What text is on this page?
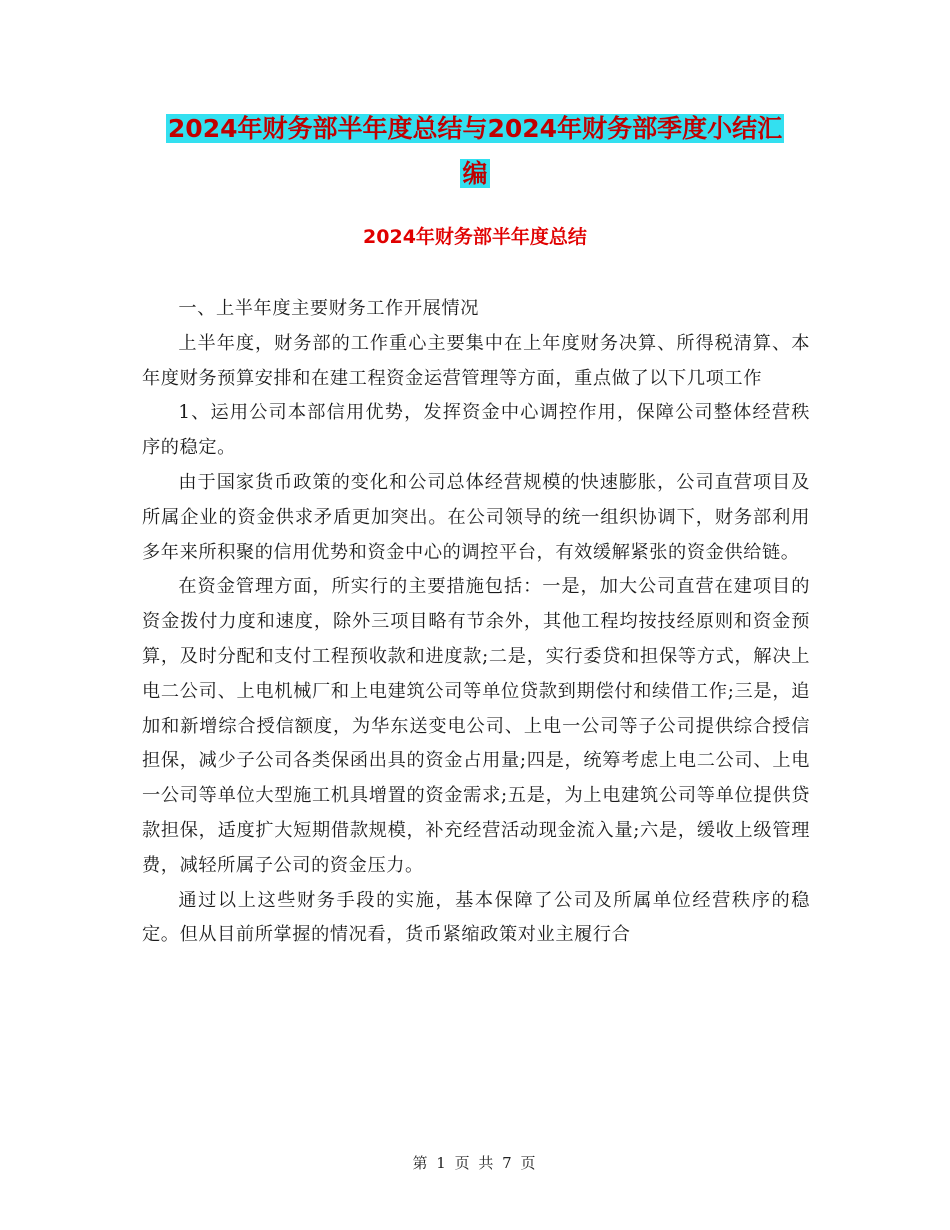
2024年财务部半年度总结与2024年财务部季度小结汇
编
2024年财务部半年度总结

一、上半年度主要财务工作开展情况

上半年度，财务部的工作重心主要集中在上年度财务决算、所得税清算、本年度财务预算安排和在建工程资金运营管理等方面，重点做了以下几项工作

1、运用公司本部信用优势，发挥资金中心调控作用，保障公司整体经营秩序的稳定。

由于国家货币政策的变化和公司总体经营规模的快速膨胀，公司直营项目及所属企业的资金供求矛盾更加突出。在公司领导的统一组织协调下，财务部利用多年来所积聚的信用优势和资金中心的调控平台，有效缓解紧张的资金供给链。

在资金管理方面，所实行的主要措施包括：一是，加大公司直营在建项目的资金拨付力度和速度，除外三项目略有节余外，其他工程均按技经原则和资金预算，及时分配和支付工程预收款和进度款;二是，实行委贷和担保等方式，解决上电二公司、上电机械厂和上电建筑公司等单位贷款到期偿付和续借工作;三是，追加和新增综合授信额度，为华东送变电公司、上电一公司等子公司提供综合授信担保，减少子公司各类保函出具的资金占用量;四是，统筹考虑上电二公司、上电一公司等单位大型施工机具增置的资金需求;五是，为上电建筑公司等单位提供贷款担保，适度扩大短期借款规模，补充经营活动现金流入量;六是，缓收上级管理费，减轻所属子公司的资金压力。

通过以上这些财务手段的实施，基本保障了公司及所属单位经营秩序的稳定。但从目前所掌握的情况看，货币紧缩政策对业主履行合

第 1 页 共 7 页
